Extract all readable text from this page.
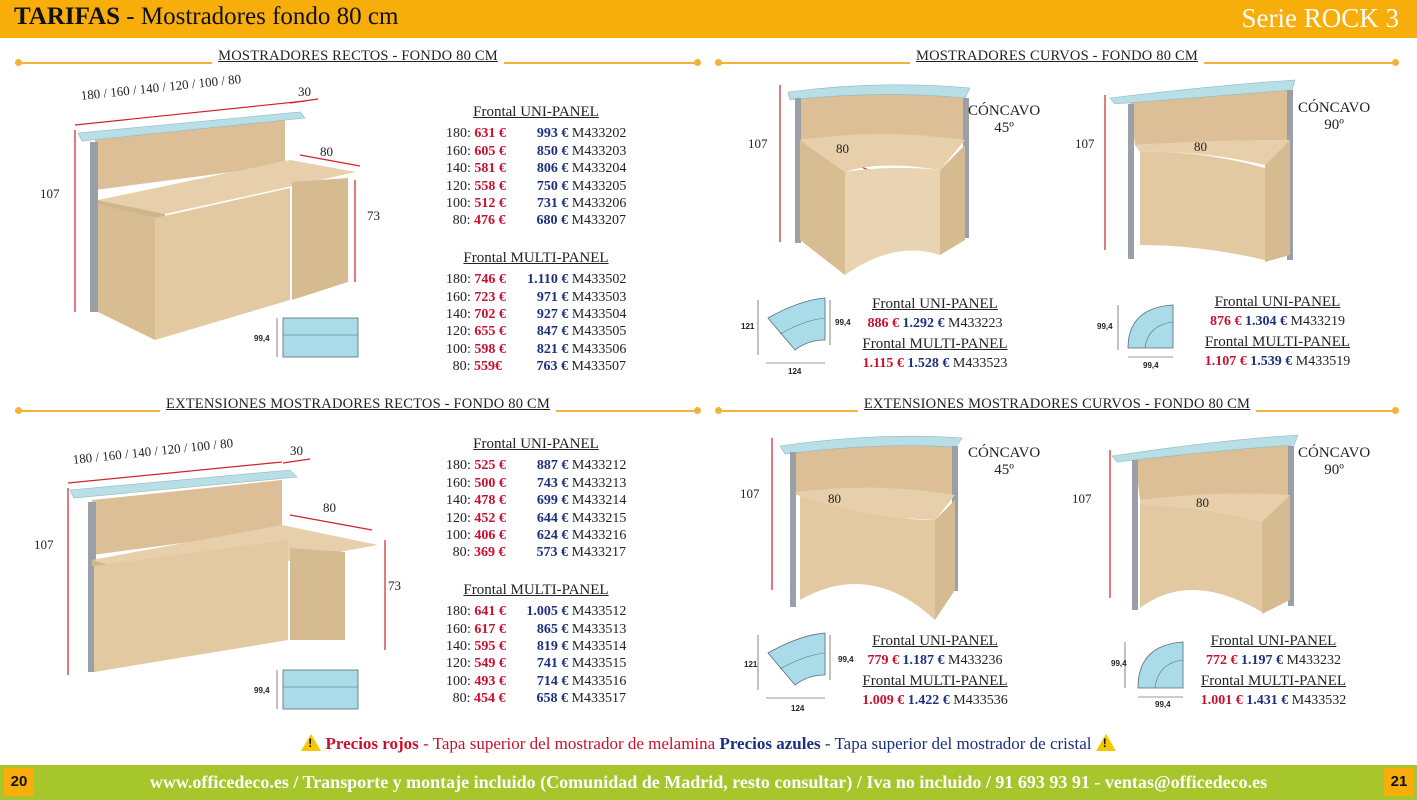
TARIFAS - Mostradores fondo 80 cm	Serie ROCK 3
MOSTRADORES RECTOS - FONDO 80 CM	MOSTRADORES CURVOS - FONDO 80 CM
EXTENSIONES MOSTRADORES RECTOS - FONDO 80 CM	EXTENSIONES MOSTRADORES CURVOS - FONDO 80 CM
180 / 160 / 140 / 120 / 100 / 80	30
80
107
73
99,4
180 / 160 / 140 / 120 / 100 / 80	30
80
107
73
99,4
107	80
121	99,4
124
CÓNCAVO
45º
107	80
99,4
99,4
CÓNCAVO
90º
107	80
121
99,4
124
CÓNCAVO
45º
107	80
99,4
99,4
CÓNCAVO
90º
Frontal UNI-PANEL
180: 631 € 993 € M433202
160: 605 € 850 € M433203
140: 581 € 806 € M433204
120: 558 € 750 € M433205
100: 512 € 731 € M433206
80: 476 € 680 € M433207
Frontal MULTI-PANEL
180: 746 € 1.110 € M433502
160: 723 € 971 € M433503
140: 702 € 927 € M433504
120: 655 € 847 € M433505
100: 598 € 821 € M433506
80: 559€ 763 € M433507
Frontal UNI-PANEL
180: 525 € 887 € M433212
160: 500 € 743 € M433213
140: 478 € 699 € M433214
120: 452 € 644 € M433215
100: 406 € 624 € M433216
80: 369 € 573 € M433217
Frontal MULTI-PANEL
180: 641 € 1.005 € M433512
160: 617 € 865 € M433513
140: 595 € 819 € M433514
120: 549 € 741 € M433515
100: 493 € 714 € M433516
80: 454 € 658 € M433517
Frontal UNI-PANEL
886 € 1.292 € M433223
Frontal MULTI-PANEL
1.115 € 1.528 € M433523
Frontal UNI-PANEL
876 € 1.304 € M433219
Frontal MULTI-PANEL
1.107 € 1.539 € M433519
Frontal UNI-PANEL
779 € 1.187 € M433236
Frontal MULTI-PANEL
1.009 € 1.422 € M433536
Frontal UNI-PANEL
772 € 1.197 € M433232
Frontal MULTI-PANEL
1.001 € 1.431 € M433532
! Precios rojos - Tapa superior del mostrador de melamina Precios azules - Tapa superior del mostrador de cristal !
www.officedeco.es / Transporte y montaje incluido (Comunidad de Madrid, resto consultar) / Iva no incluido / 91 693 93 91 - ventas@officedeco.es
20	21
